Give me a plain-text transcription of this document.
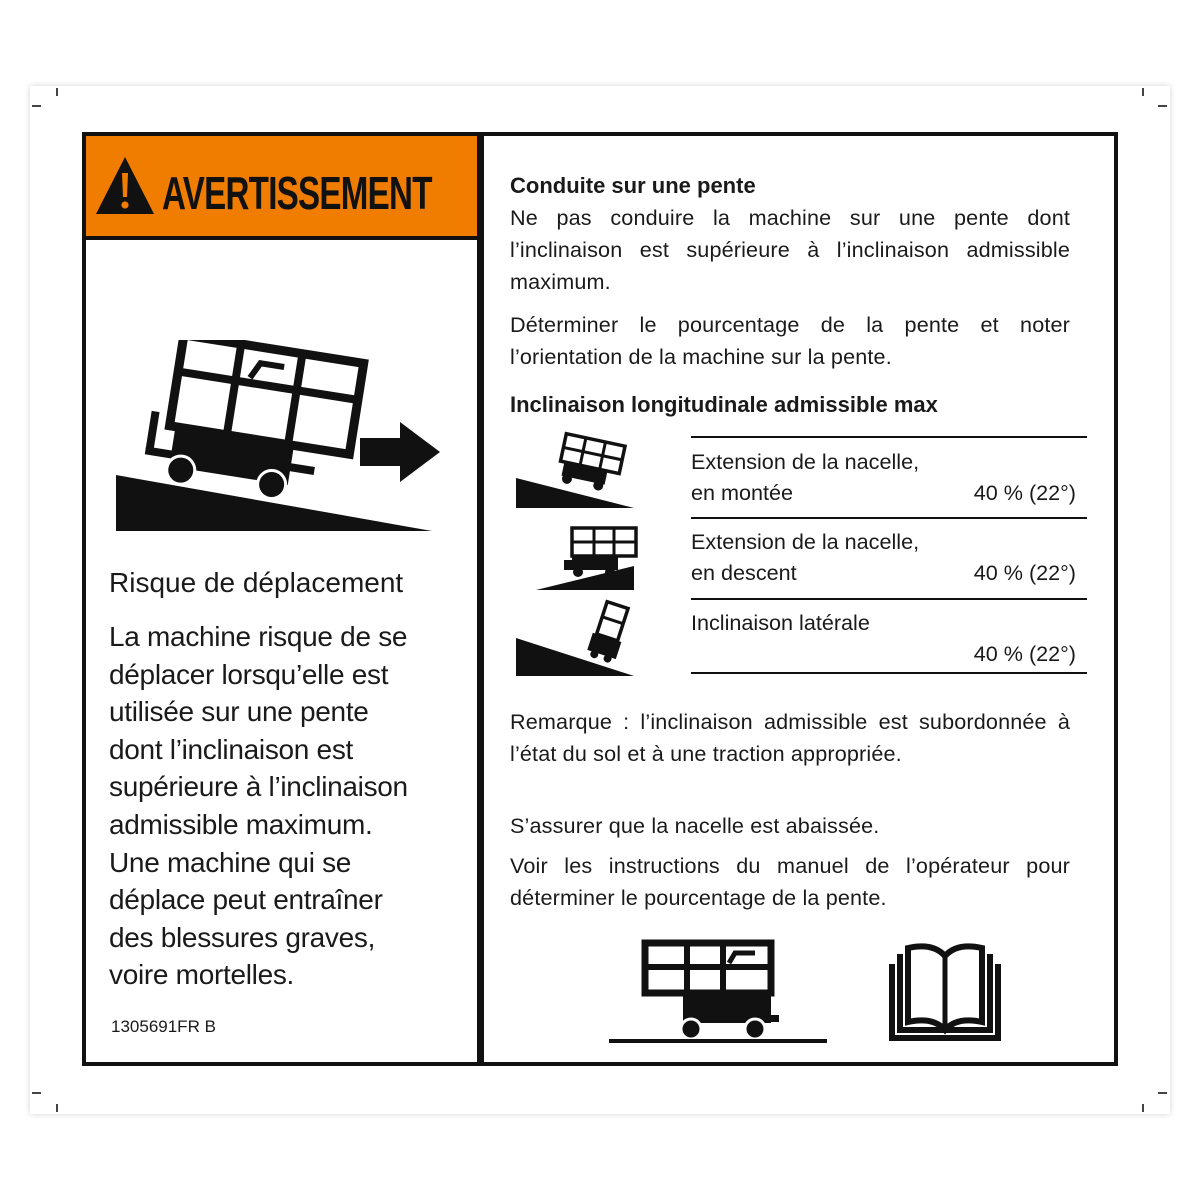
AVERTISSEMENT
Risque de déplacement
La machine risque de se
déplacer lorsqu’elle est
utilisée sur une pente
dont l’inclinaison est
supérieure à l’inclinaison
admissible maximum.
Une machine qui se
déplace peut entraîner
des blessures graves,
voire mortelles.
1305691FR B
Conduite sur une pente
Ne pas conduire la machine sur une pente dont l’inclinaison est supérieure à l’inclinaison admissible maximum.
Déterminer le pourcentage de la pente et noter l’orientation de la machine sur la pente.
Inclinaison longitudinale admissible max
Extension de la nacelle,
en montée	40 % (22°)
Extension de la nacelle,
en descent	40 % (22°)
Inclinaison latérale
40 % (22°)
Remarque : l’inclinaison admissible est subordonnée à l’état du sol et à une traction appropriée.
S’assurer que la nacelle est abaissée.
Voir les instructions du manuel de l’opérateur pour déterminer le pourcentage de la pente.
